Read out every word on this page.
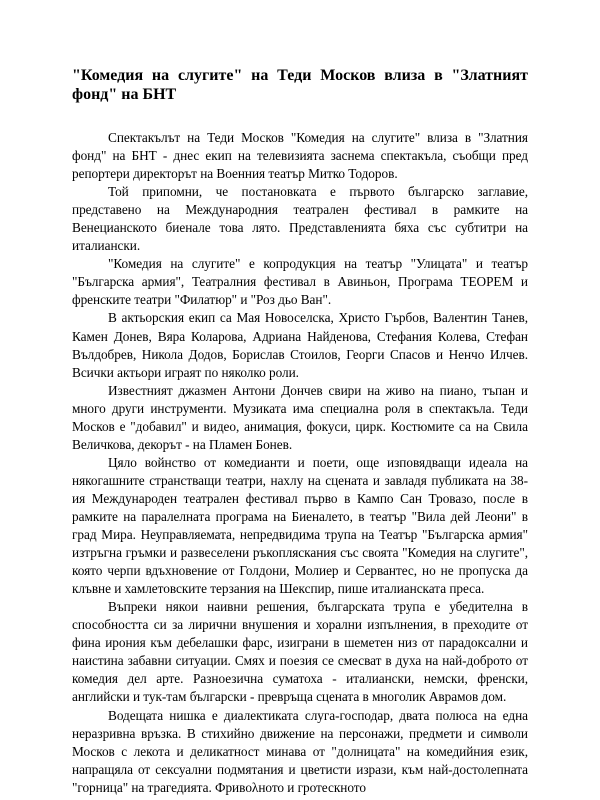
"Комедия на слугите" на Теди Москов влиза в "Златният фонд" на БНТ

Спектакълът на Теди Москов "Комедия на слугите" влиза в "Златния фонд" на БНТ - днес екип на телевизията заснема спектакъла, съобщи пред репортери директорът на Военния театър Митко Тодоров.

Той припомни, че постановката е първото българско заглавие, представено на Международния театрален фестивал в рамките на Венецианското биенале това лято. Представленията бяха със субтитри на италиански.

"Комедия на слугите" е копродукция на театър "Улицата" и театър "Българска армия", Театралния фестивал в Авиньон, Програма ТЕОРЕМ и френските театри "Филатюр" и "Роз дьо Ван".

В актьорския екип са Мая Новоселска, Христо Гърбов, Валентин Танев, Камен Донев, Вяра Коларова, Адриана Найденова, Стефания Колева, Стефан Вълдобрев, Никола Додов, Борислав Стоилов, Георги Спасов и Ненчо Илчев. Всички актьори играят по няколко роли.

Известният джазмен Антони Дончев свири на живо на пиано, тъпан и много други инструменти. Музиката има специална роля в спектакъла. Теди Москов е "добавил" и видео, анимация, фокуси, цирк. Костюмите са на Свила Величкова, декорът - на Пламен Бонев.

Цяло войнство от комедианти и поети, още изповядващи идеала на някогашните странстващи театри, нахлу на сцената и завладя публиката на 38-ия Международен театрален фестивал първо в Кампо Сан Тровазо, после в рамките на паралелната програма на Биеналето, в театър "Вила дей Леони" в град Мира. Неуправляемата, непредвидима трупа на Театър "Българска армия" изтръгна гръмки и развеселени ръкопляскания със своята "Комедия на слугите", която черпи вдъхновение от Голдони, Молиер и Сервантес, но не пропуска да клъвне и хамлетовските терзания на Шекспир, пише италианската преса.

Въпреки някои наивни решения, българската трупа е убедителна в способността си за лирични внушения и хорални изпълнения, в преходите от фина ирония към дебелашки фарс, изиграни в шеметен низ от парадоксални и наистина забавни ситуации. Смях и поезия се смесват в духа на най-доброто от комедия дел арте. Разноезична суматоха - италиански, немски, френски, английски и тук-там български - превръща сцената в многолик Аврамов дом.

Водещата нишка е диалектиката слуга-господар, двата полюса на една неразривна връзка. В стихийно движение на персонажи, предмети и символи Москов с лекота и деликатност минава от "долницата" на комедийния език, напращяла от сексуални подмятания и цветисти изрази, към най-достолепната "горница" на трагедията. Фривολното и гротескното
